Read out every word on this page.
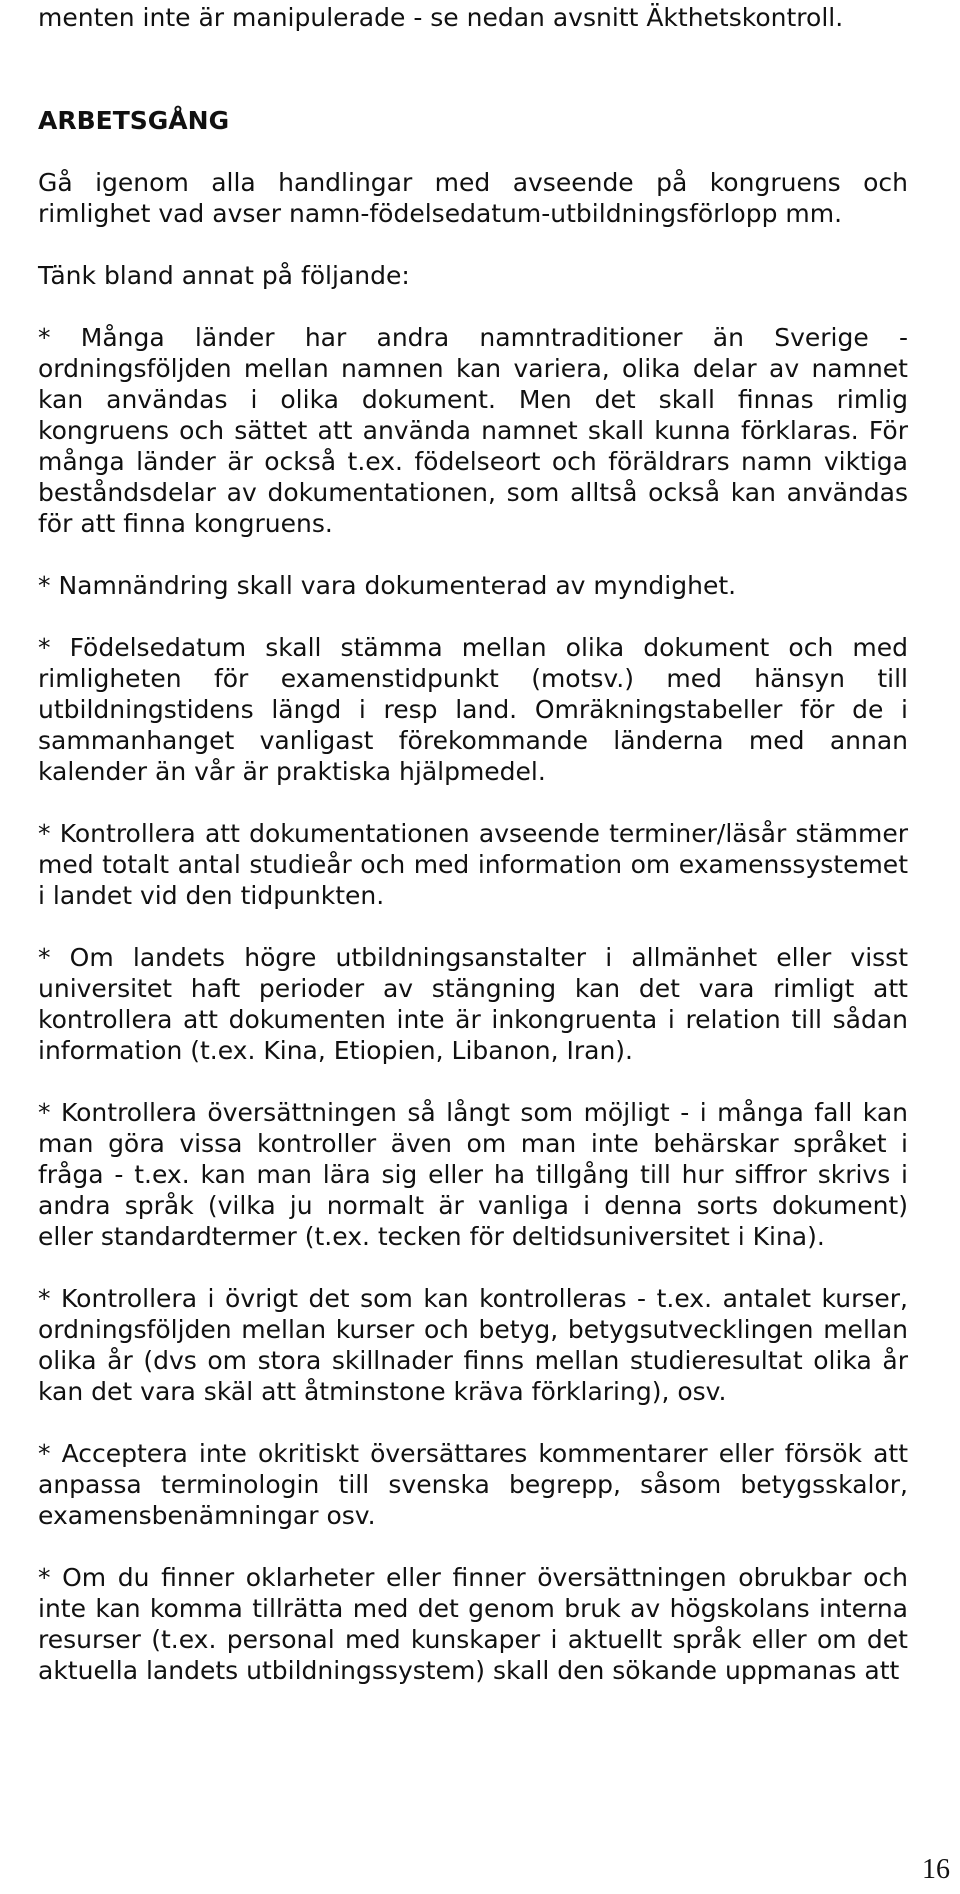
menten inte är manipulerade - se nedan avsnitt Äkthetskontroll.

ARBETSGÅNG

Gå igenom alla handlingar med avseende på kongruens och rimlighet vad avser namn-födelsedatum-utbildningsförlopp mm.

Tänk bland annat på följande:

* Många länder har andra namntraditioner än Sverige - ordningsföljden mellan namnen kan variera, olika delar av namnet kan användas i olika dokument. Men det skall finnas rimlig kongruens och sättet att använda namnet skall kunna förklaras. För många länder är också t.ex. födelseort och föräldrars namn viktiga beståndsdelar av dokumentationen, som alltså också kan användas för att finna kongruens.

* Namnändring skall vara dokumenterad av myndighet.

* Födelsedatum skall stämma mellan olika dokument och med rimligheten för examenstidpunkt (motsv.) med hänsyn till utbildningstidens längd i resp land. Omräkningstabeller för de i sammanhanget vanligast förekommande länderna med annan kalender än vår är praktiska hjälpmedel.

* Kontrollera att dokumentationen avseende terminer/läsår stämmer med totalt antal studieår och med information om examenssystemet i landet vid den tidpunkten.

* Om landets högre utbildningsanstalter i allmänhet eller visst universitet haft perioder av stängning kan det vara rimligt att kontrollera att dokumenten inte är inkongruenta i relation till sådan information (t.ex. Kina, Etiopien, Libanon, Iran).

* Kontrollera översättningen så långt som möjligt - i många fall kan man göra vissa kontroller även om man inte behärskar språket i fråga - t.ex. kan man lära sig eller ha tillgång till hur siffror skrivs i andra språk (vilka ju normalt är vanliga i denna sorts dokument) eller standardtermer (t.ex. tecken för deltidsuniversitet i Kina).

* Kontrollera i övrigt det som kan kontrolleras - t.ex. antalet kurser, ordningsföljden mellan kurser och betyg, betygsutvecklingen mellan olika år (dvs om stora skillnader finns mellan studieresultat olika år kan det vara skäl att åtminstone kräva förklaring), osv.

* Acceptera inte okritiskt översättares kommentarer eller försök att anpassa terminologin till svenska begrepp, såsom betygsskalor, examensbenämningar osv.

* Om du finner oklarheter eller finner översättningen obrukbar och inte kan komma tillrätta med det genom bruk av högskolans interna resurser (t.ex. personal med kunskaper i aktuellt språk eller om det aktuella landets utbildningssystem) skall den sökande uppmanas att

16
